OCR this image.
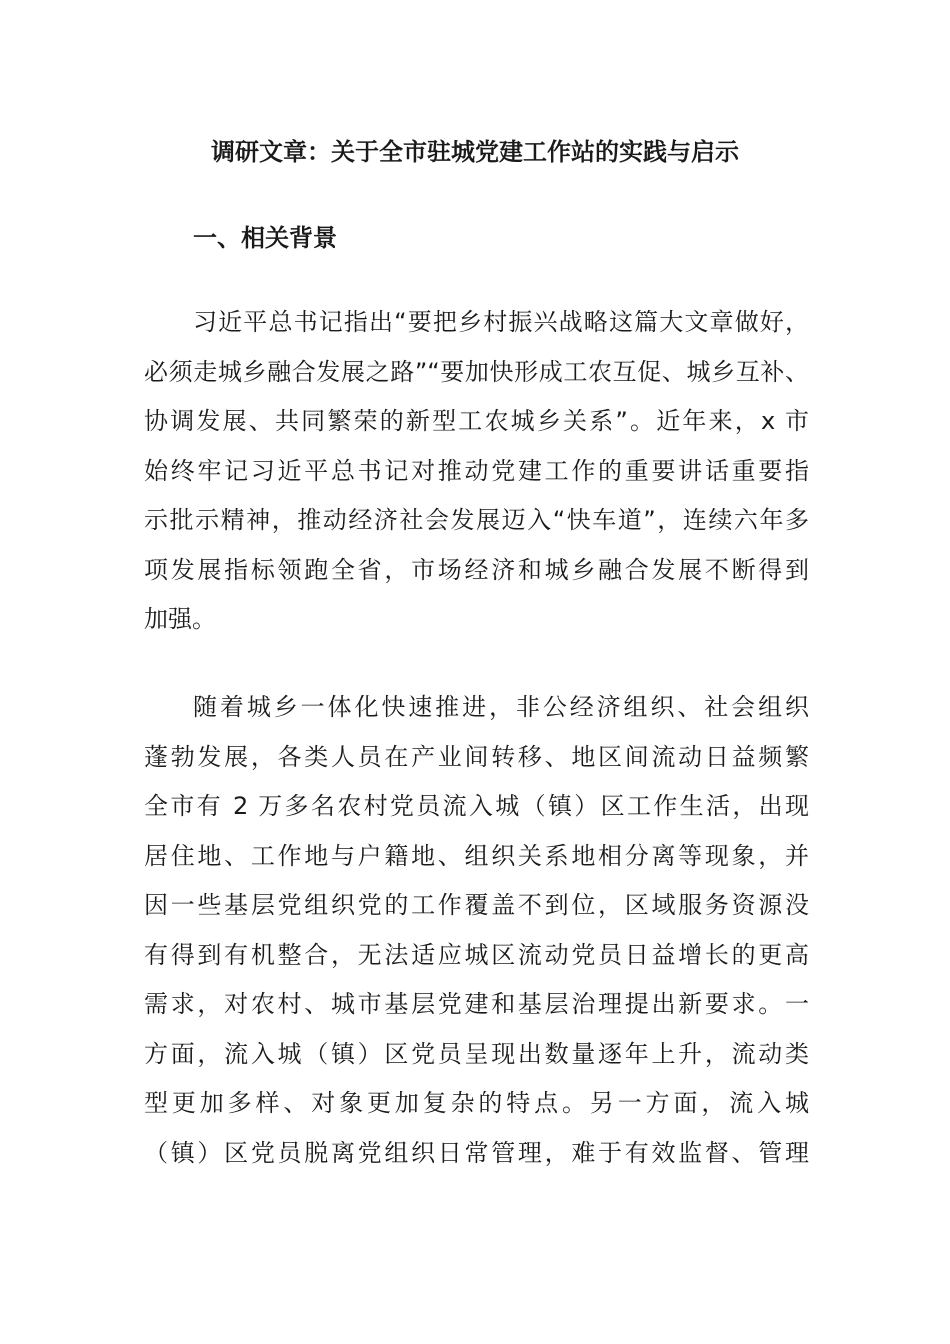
调研文章：关于全市驻城党建工作站的实践与启示
一、相关背景
习近平总书记指出“要把乡村振兴战略这篇大文章做好，
必须走城乡融合发展之路”“要加快形成工农互促、城乡互补、
协调发展、共同繁荣的新型工农城乡关系”。近年来，x 市
始终牢记习近平总书记对推动党建工作的重要讲话重要指
示批示精神，推动经济社会发展迈入“快车道”，连续六年多
项发展指标领跑全省，市场经济和城乡融合发展不断得到
加强。
随着城乡一体化快速推进，非公经济组织、社会组织
蓬勃发展，各类人员在产业间转移、地区间流动日益频繁
全市有 2 万多名农村党员流入城（镇）区工作生活，出现
居住地、工作地与户籍地、组织关系地相分离等现象，并
因一些基层党组织党的工作覆盖不到位，区域服务资源没
有得到有机整合，无法适应城区流动党员日益增长的更高
需求，对农村、城市基层党建和基层治理提出新要求。一
方面，流入城（镇）区党员呈现出数量逐年上升，流动类
型更加多样、对象更加复杂的特点。另一方面，流入城
（镇）区党员脱离党组织日常管理，难于有效监督、管理
